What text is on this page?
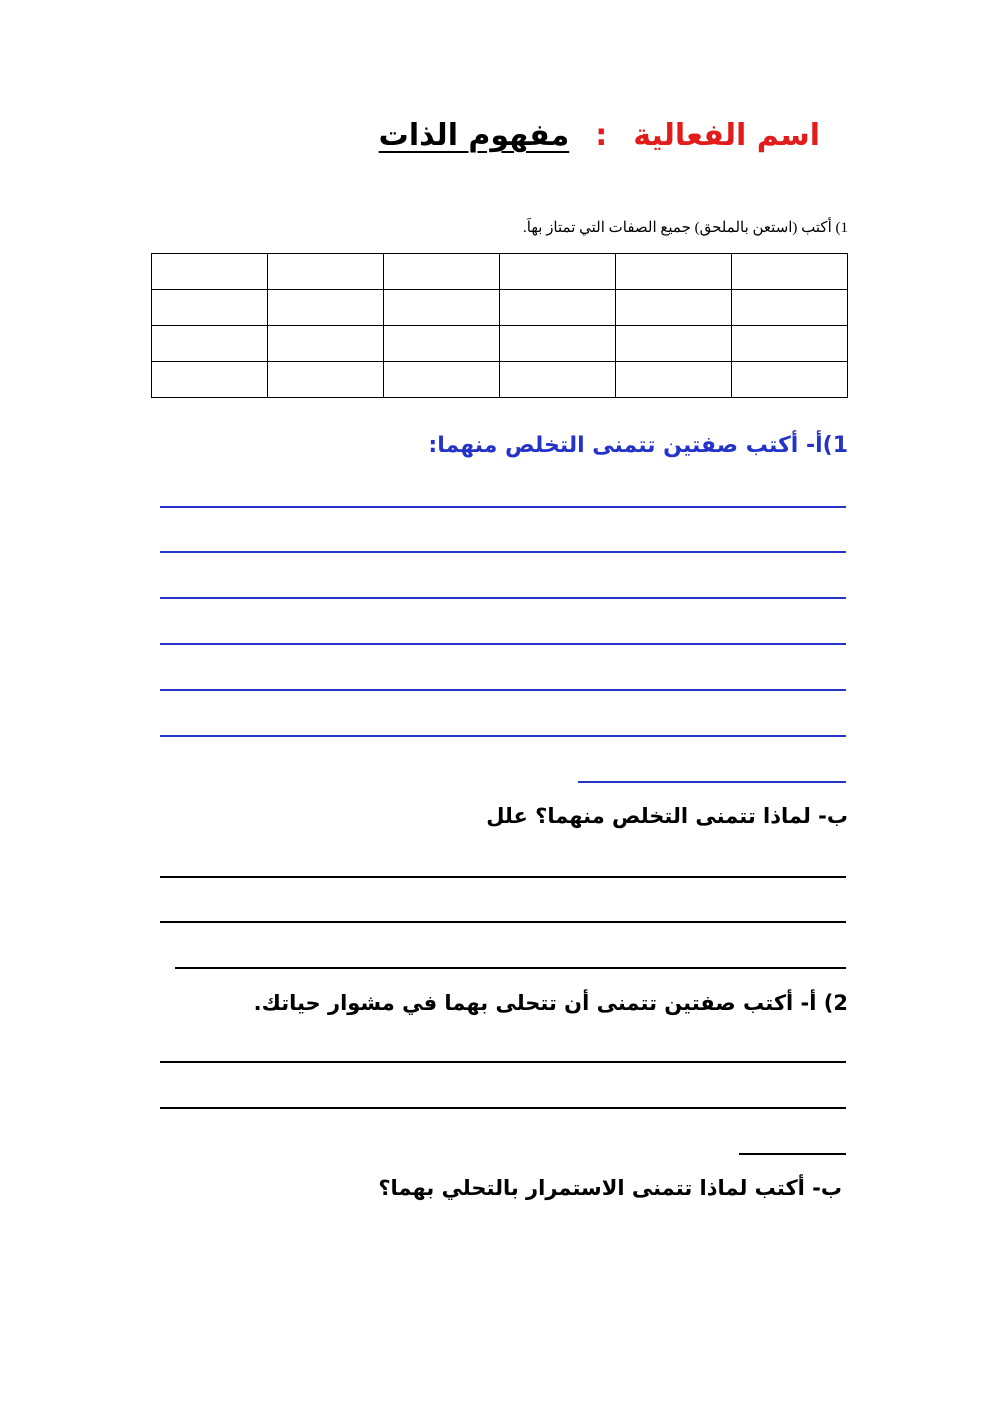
اسم الفعالية
:
مفهوم الذات
1) أكتب (استعن بالملحق) جميع الصفات التي تمتاز بهاَ.

1)أ- أكتب صفتين تتمنى التخلص منهما:
ب- لماذا تتمنى التخلص منهما؟ علل
2) أ- أكتب صفتين تتمنى أن تتحلى بهما في مشوار حياتك.
ب- أكتب لماذا تتمنى الاستمرار بالتحلي بهما؟
